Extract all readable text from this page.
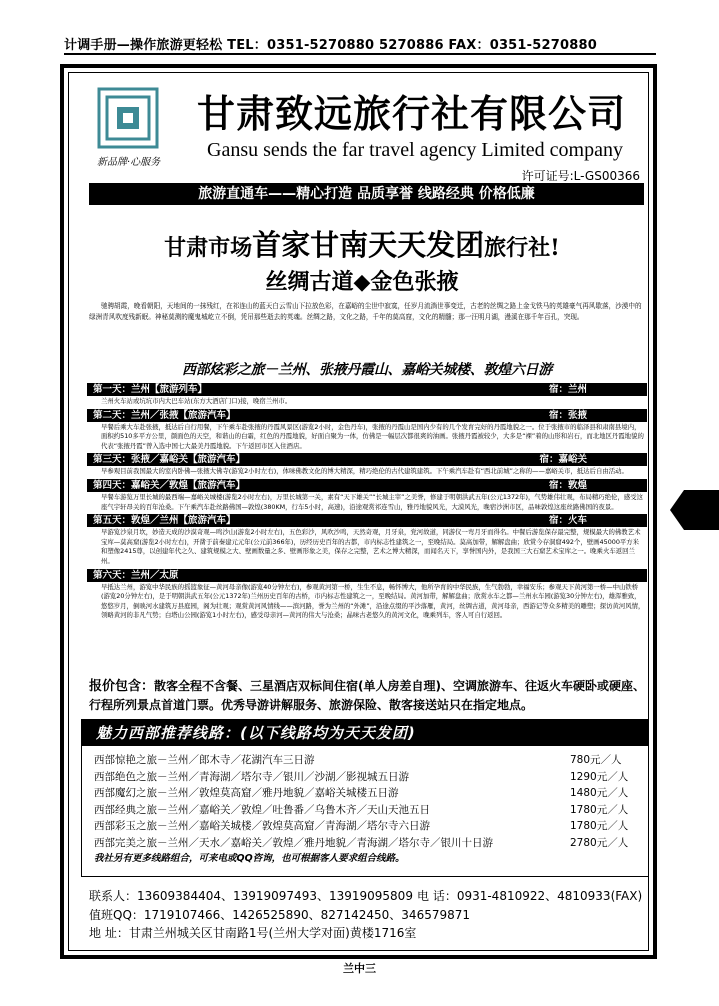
计调手册—操作旅游更轻松 TEL：0351-5270880 5270886 FAX：0351-5270880
新品牌·心服务
甘肃致远旅行社有限公司
Gansu sends the far travel agency Limited company
许可证号:L-GS00366
旅游直通车——精心打造 品质享誉 线路经典 价格低廉
甘肃市场首家甘南天天发团旅行社!
丝绸古道◆金色张掖
驰骋胡霞，晚看朝阳，天地间的一抹残红，在祁连山的蓝天白云雪山下拉放色彩，在嘉峪的尘世中寂寞，任岁月流淌世事变迁，古老的丝绸之路上金戈铁马的英雄豪气再风歇落，沙漠中的绿洲青风吹度残新眠。神秘莫测的魔鬼城屹立不倒，凭吊那些逝去的英魂。丝绸之路，文化之路，千年的莫高窟，文化的精髓；那一汪明月湖，漫溪在那千年百孔，突现。
西部炫彩之旅－兰州、张掖丹霞山、嘉峪关城楼、敦煌六日游
第一天：兰州【旅游列车】	宿：兰州
兰州火车站或坑坑市内大巴车站(东方大酒店门口)接，晚宿兰州市。
第二天：兰州／张掖【旅游汽车】	宿：张掖
早餐后乘大车赴张掖，抵达后自行用餐，下午乘车赴张掖的丹霞风景区(游览2小时，金色丹车)，张掖的丹霞山是国内少有的几个发育完好的丹霞地貌之一。位于张掖市的临泽县和肃南县境内，面积约510多平方公里，颜面色的天空，和谐山的白霜，红色的丹霞地貌，好面自聚为一体，仿佛是一幅层次都很爽的油画。张掖丹霞被较少，大多是“裸”着的山形和岩石，而北地区丹霞地貌的代表“张掖丹霞”曾入选中国七大最美丹霞地貌。下午返回市区入住酒店。
第三天：张掖／嘉峪关【旅游汽车】	宿：嘉峪关
早参观目前我国最大的室内卧佛—张掖大佛寺(游览2小时左右)，体味佛教文化的博大精深，精巧绝伦的古代建筑建筑。下午乘汽车赴有“西北前城”之称的——嘉峪关市，抵达后自由活动。
第四天：嘉峪关／敦煌【旅游汽车】	宿：敦煌
早餐车游览万里长城的最西端—嘉峪关城楼(游览2小时左右)，万里长城第一关，素有“天下雄关”“长城主宰”之美誉，修建于明朝洪武五年(公元1372年)，气势雄伟壮观，布局精巧绝伦，感受这座气宇轩昂关的百年沧桑。下午乘汽车赴丝路佛国—敦煌(380KM，行车5小时，高速)，沿途观赏祁连雪山，雅丹地貌风光，大漠风光，晚宿沙洲市区，品味敦煌这座丝路佛国的夜景。
第五天：敦煌／兰州【旅游汽车】	宿：火车
早游览沙泉月坎，妙造天成的沙漠奇观—鸣沙山(游览2小时左右)，五色彩沙，风吹沙鸣，天然奇观，月牙泉，党河故道，同游仪一弯月牙而得名。中餐后游览保存最完整，规模最大的佛教艺术宝库—莫高窟(游览2小时左右)，开凿于前秦建元元年(公元前366年)，历经历史百年的古都，市内标志性建筑之一，至晚结局。莫高加带，解解盘曲；欣赏今存洞窟492个，壁画45000平方米和塑像2415尊，以创建年代之久、建筑规模之大、壁画数量之多、壁画形象之美，保存之完整，艺术之博大精深，而闻名天下，享誉国内外，是我国三大石窟艺术宝库之一。晚乘火车返回兰州。
第六天：兰州／太原
早抵达兰州，游览中华民族的摇篮象征—黄河母亲像(游览40分钟左右)，参观黄河第一桥，生生不息，畅怀博大，他所孕育的中华民族，生气勃勃，幸福安乐；参观天下黄河第一桥—中山铁桥(游览20分钟左右)，是于明朝洪武五年(公元1372年)兰州历史百年的古桥，市内标志性建筑之一，至晚结局。黄河加带，解解盘曲；欣赏水车之都—兰州水车园(游览30分钟左右)，雄浑雅致，悠悠岁月，倒映河水建筑万县庭园，阁为壮观；观赏黄河风情线——滨河路，誉为兰州的“外滩”，沿途点缀的平沙落雁，黄河，丝绸古道，黄河母亲，西游记等众多精美的雕塑；探访黄河风情，领略黄河的非凡气势；白塔山公园(游览1小时左右)，感受母亲河—黄河的伟大与沧桑；晶味古老悠久的黄河文化，晚乘列车，客人可自行返回。
报价包含：散客全程不含餐、三星酒店双标间住宿(单人房差自理)、空调旅游车、往返火车硬卧或硬座、行程所列景点首道门票。优秀导游讲解服务、旅游保险、散客接送站只在指定地点。
魅力西部推荐线路：(以下线路均为天天发团)
西部惊艳之旅－兰州／郎木寺／花湖汽车三日游	780元／人
西部绝色之旅－兰州／青海湖／塔尔寺／银川／沙湖／影视城五日游	1290元／人
西部魔幻之旅－兰州／敦煌莫高窟／雅丹地貌／嘉峪关城楼五日游	1480元／人
西部经典之旅－兰州／嘉峪关／敦煌／吐鲁番／乌鲁木齐／天山天池五日	1780元／人
西部彩玉之旅－兰州／嘉峪关城楼／敦煌莫高窟／青海湖／塔尔寺六日游	1780元／人
西部完美之旅－兰州／天水／嘉峪关／敦煌／雅丹地貌／青海湖／塔尔寺／银川十日游	2780元／人
我社另有更多线路组合，可来电或QQ咨询，也可根据客人要求组合线路。
联系人：13609384404、13919097493、13919095809 电 话：0931-4810922、4810933(FAX)
值班QQ：1719107466、1426525890、827142450、346579871
地 址：甘肃兰州城关区甘南路1号(兰州大学对面)黄楼1716室
兰中三
